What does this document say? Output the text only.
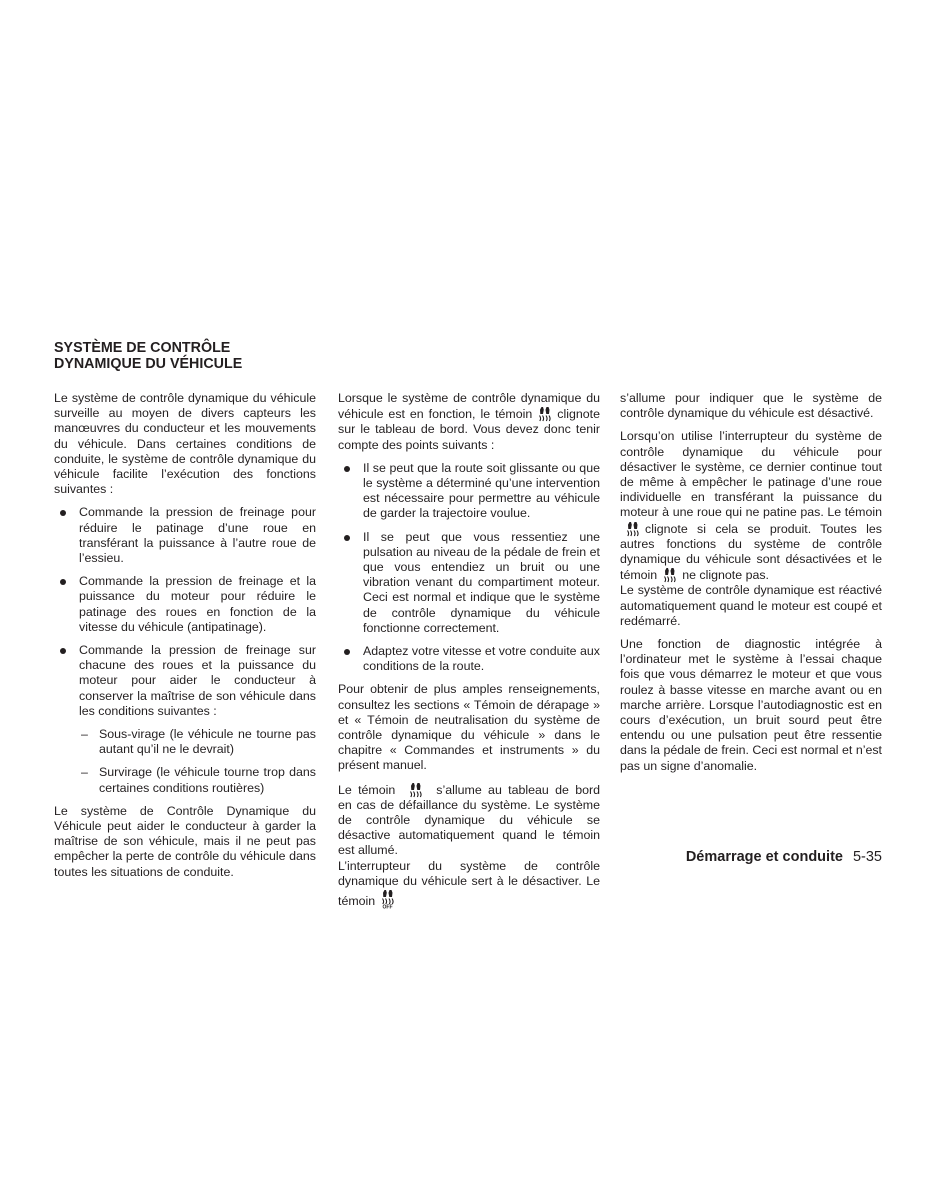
SYSTÈME DE CONTRÔLE
DYNAMIQUE DU VÉHICULE

Le système de contrôle dynamique du véhicule surveille au moyen de divers capteurs les manœuvres du conducteur et les mouvements du véhicule. Dans certaines conditions de conduite, le système de contrôle dynamique du véhicule facilite l’exécution des fonctions suivantes :

Commande la pression de freinage pour réduire le patinage d’une roue en transférant la puissance à l’autre roue de l’essieu.
Commande la pression de freinage et la puissance du moteur pour réduire le patinage des roues en fonction de la vitesse du véhicule (antipatinage).
Commande la pression de freinage sur chacune des roues et la puissance du moteur pour aider le conducteur à conserver la maîtrise de son véhicule dans les conditions suivantes :
– Sous-virage (le véhicule ne tourne pas autant qu’il ne le devrait)
– Survirage (le véhicule tourne trop dans certaines conditions routières)

Le système de Contrôle Dynamique du Véhicule peut aider le conducteur à garder la maîtrise de son véhicule, mais il ne peut pas empêcher la perte de contrôle du véhicule dans toutes les situations de conduite.

Lorsque le système de contrôle dynamique du véhicule est en fonction, le témoin clignote sur le tableau de bord. Vous devez donc tenir compte des points suivants :

Il se peut que la route soit glissante ou que le système a déterminé qu’une intervention est nécessaire pour permettre au véhicule de garder la trajectoire voulue.
Il se peut que vous ressentiez une pulsation au niveau de la pédale de frein et que vous entendiez un bruit ou une vibration venant du compartiment moteur. Ceci est normal et indique que le système de contrôle dynamique du véhicule fonctionne correctement.
Adaptez votre vitesse et votre conduite aux conditions de la route.

Pour obtenir de plus amples renseignements, consultez les sections « Témoin de dérapage » et « Témoin de neutralisation du système de contrôle dynamique du véhicule » dans le chapitre « Commandes et instruments » du présent manuel.

Le témoin	s’allume au tableau de bord en cas de défaillance du système. Le système de contrôle dynamique du véhicule se désactive automatiquement quand le témoin est allumé.

L’interrupteur du système de contrôle dynamique du véhicule sert à le désactiver. Le témoin OFF

s’allume pour indiquer que le système de contrôle dynamique du véhicule est désactivé.

Lorsqu’on utilise l’interrupteur du système de contrôle dynamique du véhicule pour désactiver le système, ce dernier continue tout de même à empêcher le patinage d’une roue individuelle en transférant la puissance du moteur à une roue qui ne patine pas. Le témoin
clignote si cela se produit. Toutes les autres fonctions du système de contrôle dynamique du véhicule sont désactivées et le témoin ne clignote pas.

Le système de contrôle dynamique est réactivé automatiquement quand le moteur est coupé et redémarré.

Une fonction de diagnostic intégrée à l’ordinateur met le système à l’essai chaque fois que vous démarrez le moteur et que vous roulez à basse vitesse en marche avant ou en marche arrière. Lorsque l’autodiagnostic est en cours d’exécution, un bruit sourd peut être entendu ou une pulsation peut être ressentie dans la pédale de frein. Ceci est normal et n’est pas un signe d’anomalie.

Démarrage et conduite 5-35
